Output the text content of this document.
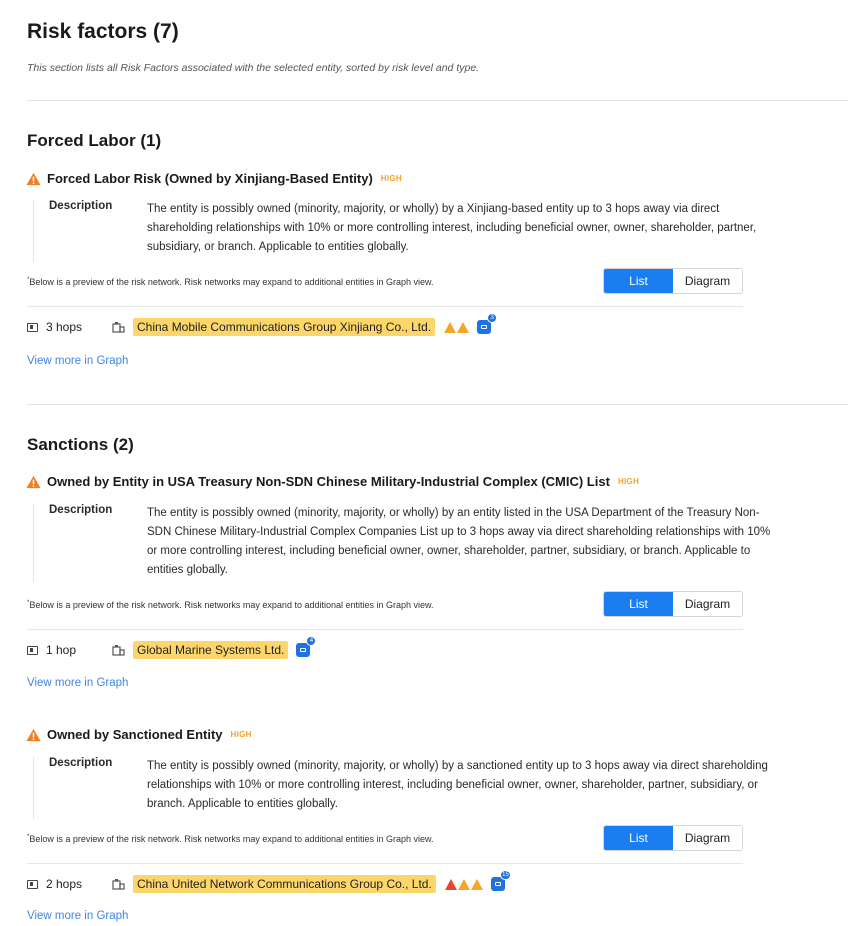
Risk factors (7)
This section lists all Risk Factors associated with the selected entity, sorted by risk level and type.
Forced Labor (1)
Forced Labor Risk (Owned by Xinjiang-Based Entity) HIGH
Description	The entity is possibly owned (minority, majority, or wholly) by a Xinjiang-based entity up to 3 hops away via direct shareholding relationships with 10% or more controlling interest, including beneficial owner, owner, shareholder, partner, subsidiary, or branch. Applicable to entities globally.
*Below is a preview of the risk network. Risk networks may expand to additional entities in Graph view.	List	Diagram
3 hops	China Mobile Communications Group Xinjiang Co., Ltd.
3
View more in Graph
Sanctions (2)
Owned by Entity in USA Treasury Non-SDN Chinese Military-Industrial Complex (CMIC) List HIGH
Description	The entity is possibly owned (minority, majority, or wholly) by an entity listed in the USA Department of the Treasury Non-SDN Chinese Military-Industrial Complex Companies List up to 3 hops away via direct shareholding relationships with 10% or more controlling interest, including beneficial owner, owner, shareholder, partner, subsidiary, or branch. Applicable to entities globally.
*Below is a preview of the risk network. Risk networks may expand to additional entities in Graph view.	List	Diagram
1 hop	Global Marine Systems Ltd.
4
View more in Graph
Owned by Sanctioned Entity HIGH
Description	The entity is possibly owned (minority, majority, or wholly) by a sanctioned entity up to 3 hops away via direct shareholding relationships with 10% or more controlling interest, including beneficial owner, owner, shareholder, partner, subsidiary, or branch. Applicable to entities globally.
*Below is a preview of the risk network. Risk networks may expand to additional entities in Graph view.	List	Diagram
2 hops	China United Network Communications Group Co., Ltd.
15
View more in Graph
